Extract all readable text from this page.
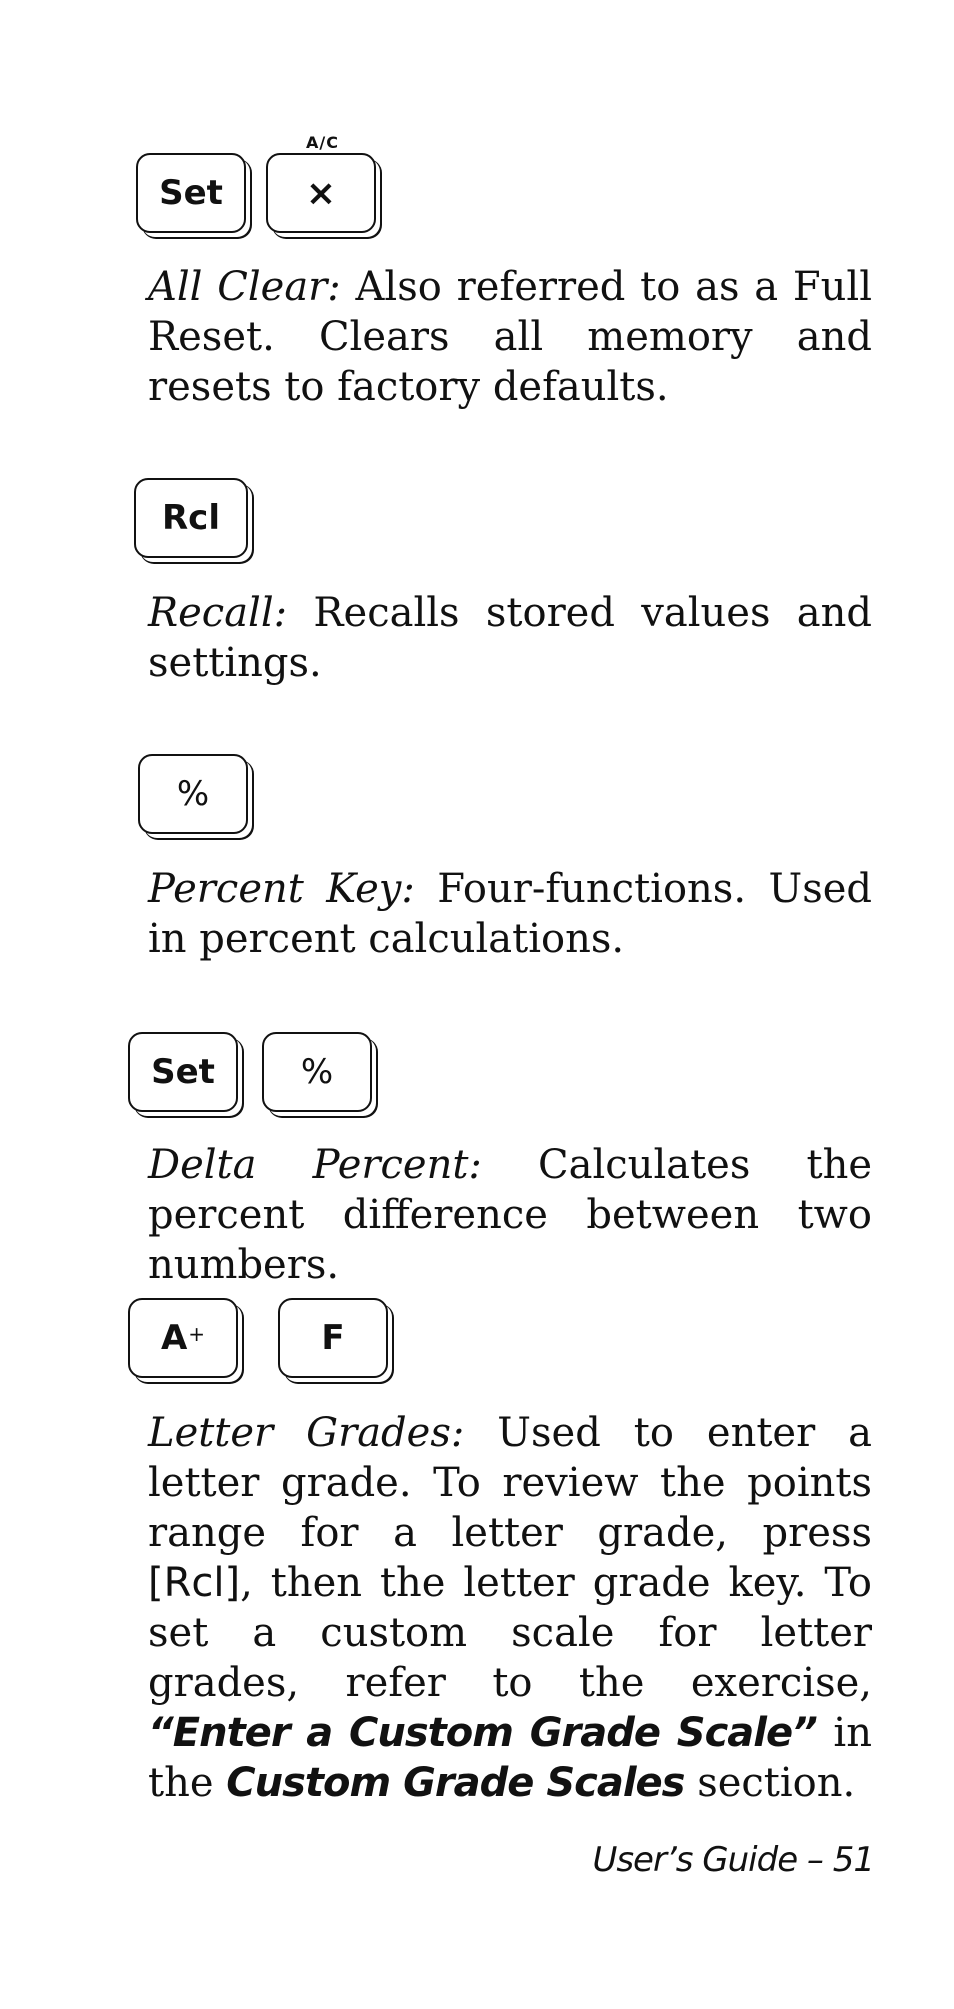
A/C
Set ×

All Clear: Also referred to as a Full Reset. Clears all memory and resets to factory defaults.

Rcl

Recall: Recalls stored values and settings.

%

Percent Key: Four-functions. Used in percent calculations.

Set	%

Delta Percent: Calculates the percent difference between two numbers.

A+	F

Letter Grades: Used to enter a letter grade. To review the points range for a letter grade, press [Rcl], then the letter grade key. To set a custom scale for letter grades, refer to the exercise, “Enter a Custom Grade Scale” in the Custom Grade Scales section.

User’s Guide – 51
